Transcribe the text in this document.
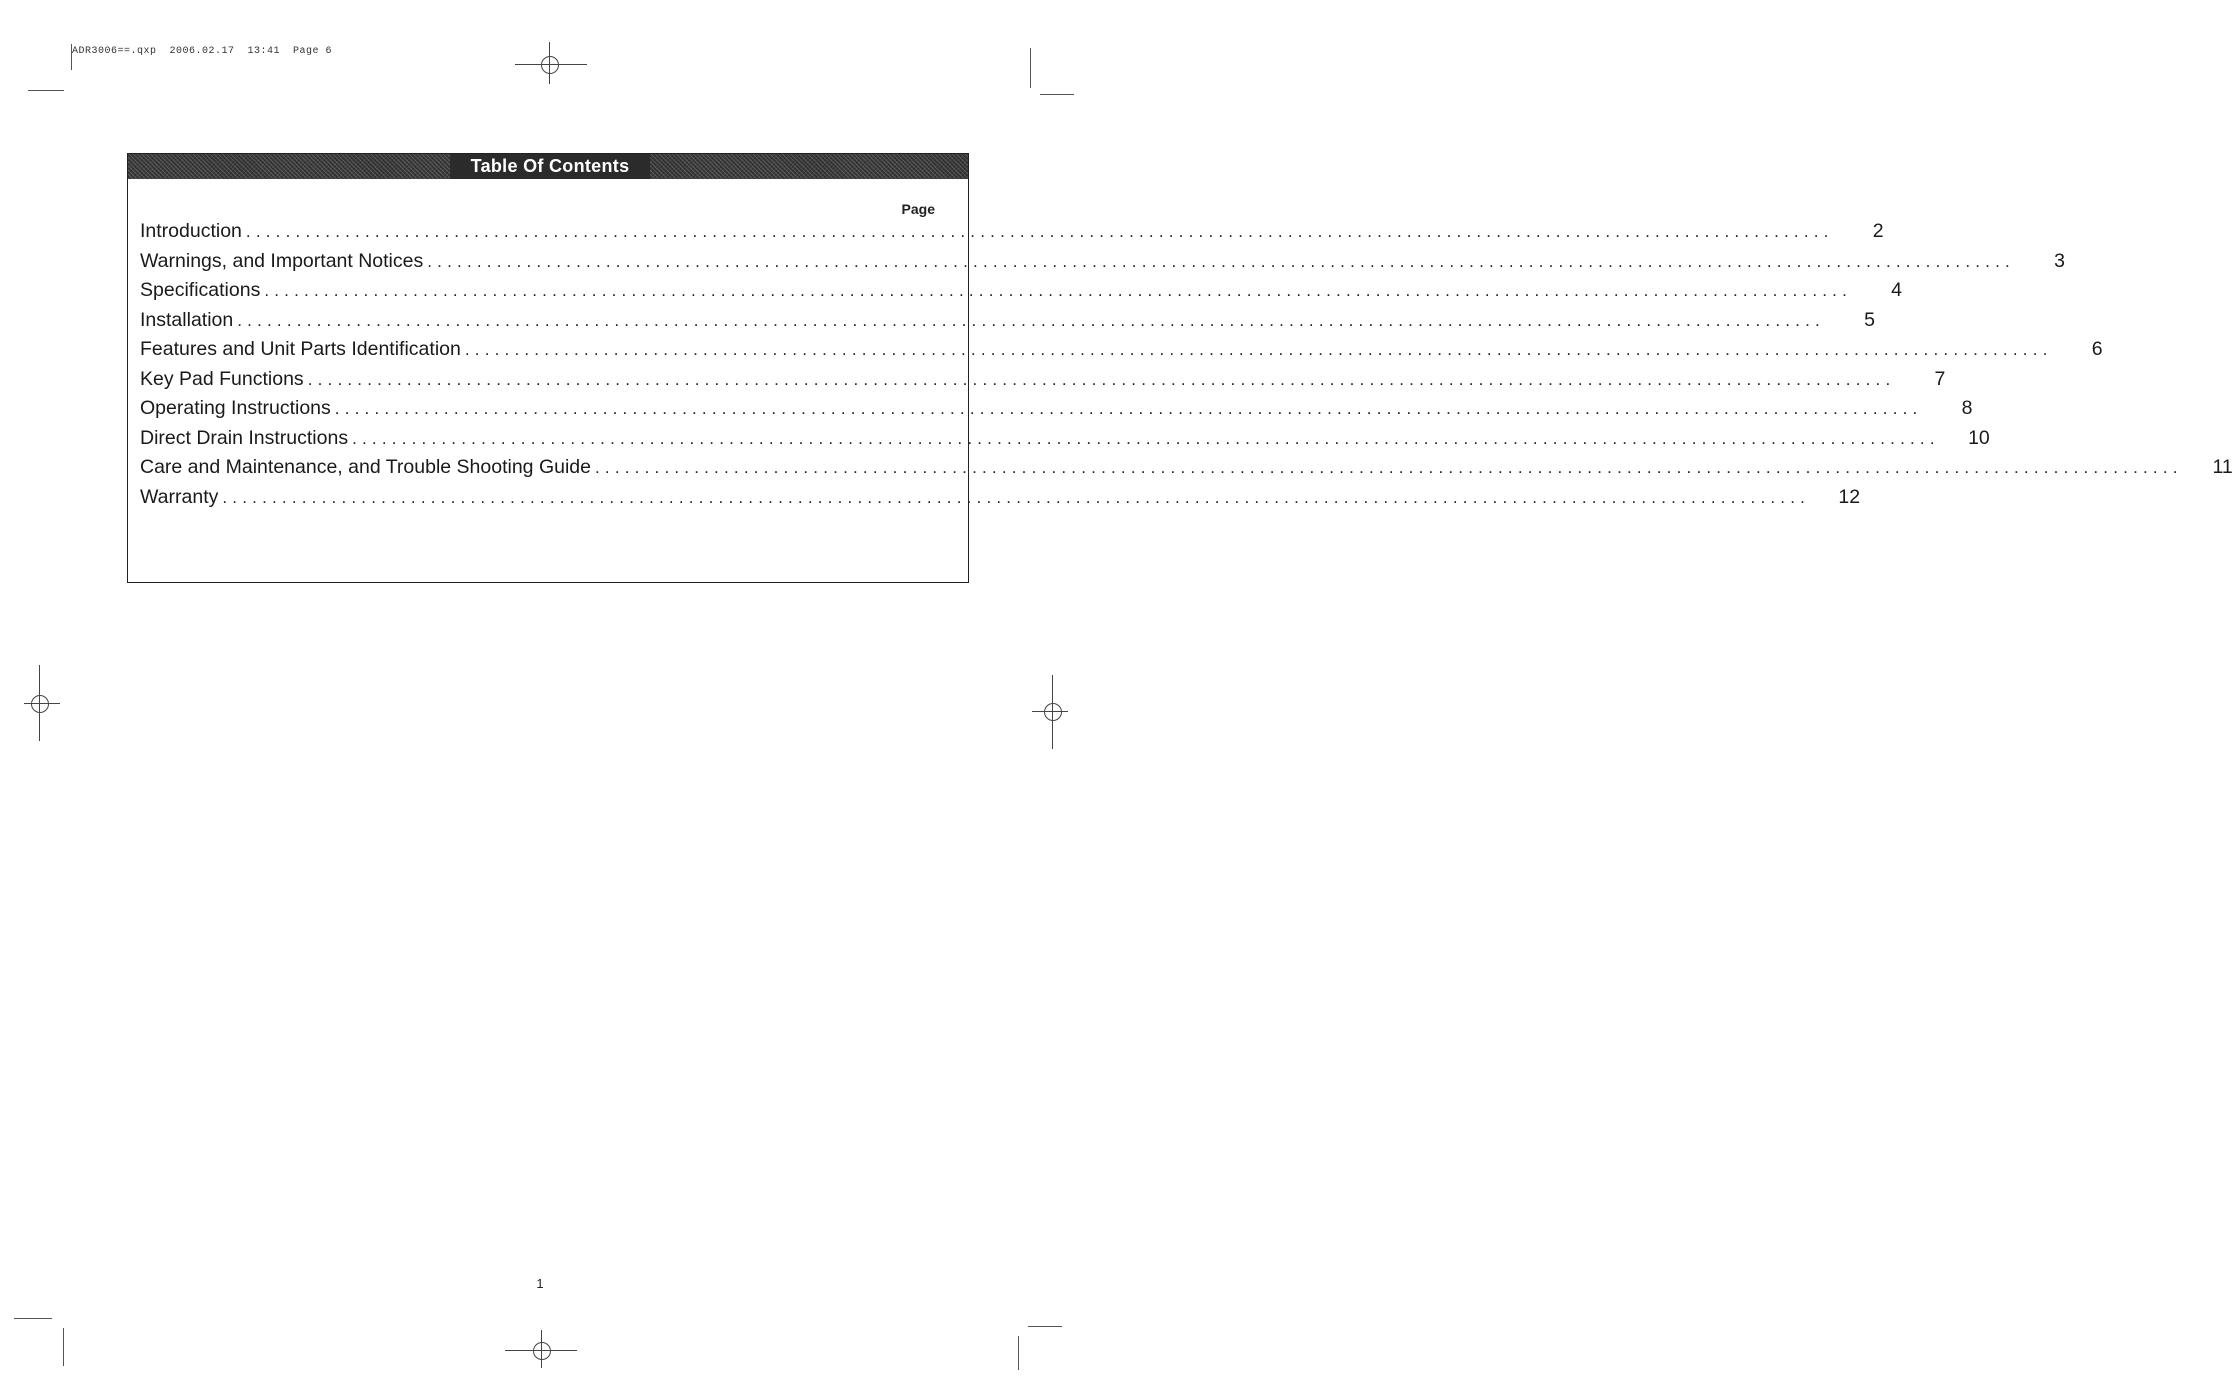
ADR3006==.qxp  2006.02.17  13:41  Page 6
Table Of Contents
Page
Introduction ................................................................................................................................................................	2
Warnings, and Important Notices ................................................................................................................................................................	3
Specifications ................................................................................................................................................................	4
Installation ................................................................................................................................................................	5
Features and Unit Parts Identification ................................................................................................................................................................	6
Key Pad Functions ................................................................................................................................................................	7
Operating Instructions ................................................................................................................................................................	8
Direct Drain Instructions ................................................................................................................................................................	10
Care and Maintenance, and Trouble Shooting Guide ................................................................................................................................................................	11
Warranty ................................................................................................................................................................	12
1
